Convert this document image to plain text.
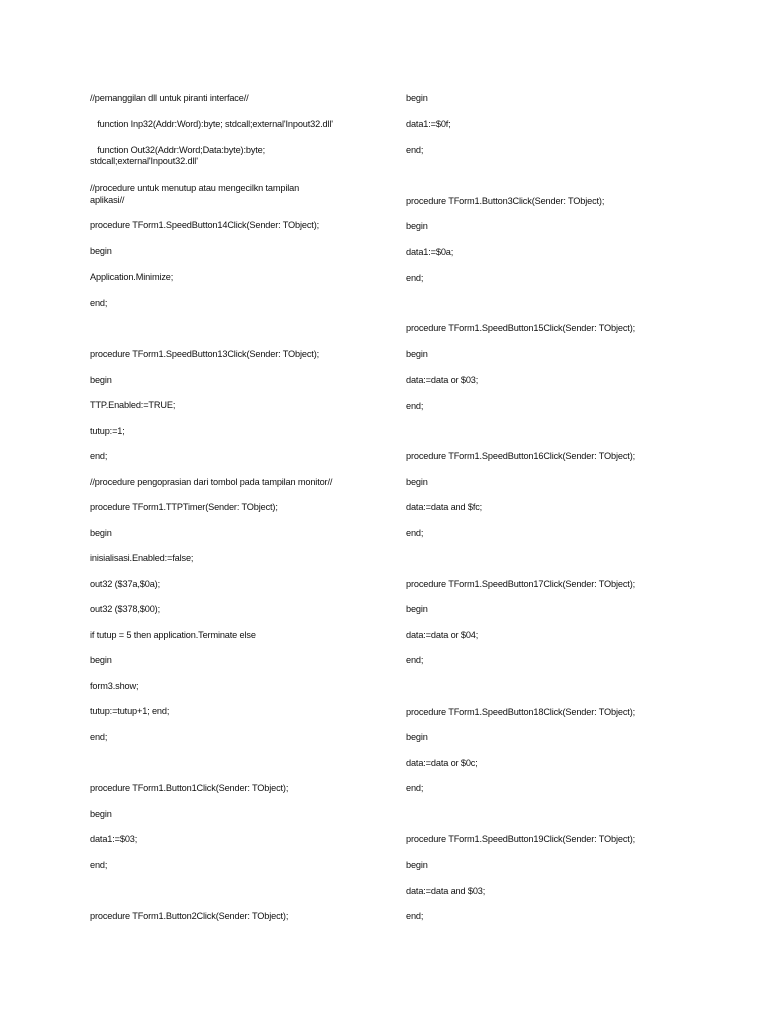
//pemanggilan dll untuk piranti interface//
function Inp32(Addr:Word):byte; stdcall;external'Inpout32.dll'
function Out32(Addr:Word;Data:byte):byte;
stdcall;external'Inpout32.dll'
//procedure untuk menutup atau mengecilkn tampilan
aplikasi//
procedure TForm1.SpeedButton14Click(Sender: TObject);
begin
Application.Minimize;
end;
procedure TForm1.SpeedButton13Click(Sender: TObject);
begin
TTP.Enabled:=TRUE;
tutup:=1;
end;
//procedure pengoprasian dari tombol pada tampilan monitor//
procedure TForm1.TTPTimer(Sender: TObject);
begin
inisialisasi.Enabled:=false;
out32 ($37a,$0a);
out32 ($378,$00);
if tutup = 5 then application.Terminate else
begin
form3.show;
tutup:=tutup+1; end;
end;
procedure TForm1.Button1Click(Sender: TObject);
begin
data1:=$03;
end;
procedure TForm1.Button2Click(Sender: TObject);
begin
data1:=$0f;
end;
procedure TForm1.Button3Click(Sender: TObject);
begin
data1:=$0a;
end;
procedure TForm1.SpeedButton15Click(Sender: TObject);
begin
data:=data or $03;
end;
procedure TForm1.SpeedButton16Click(Sender: TObject);
begin
data:=data and $fc;
end;
procedure TForm1.SpeedButton17Click(Sender: TObject);
begin
data:=data or $04;
end;
procedure TForm1.SpeedButton18Click(Sender: TObject);
begin
data:=data or $0c;
end;
procedure TForm1.SpeedButton19Click(Sender: TObject);
begin
data:=data and $03;
end;
